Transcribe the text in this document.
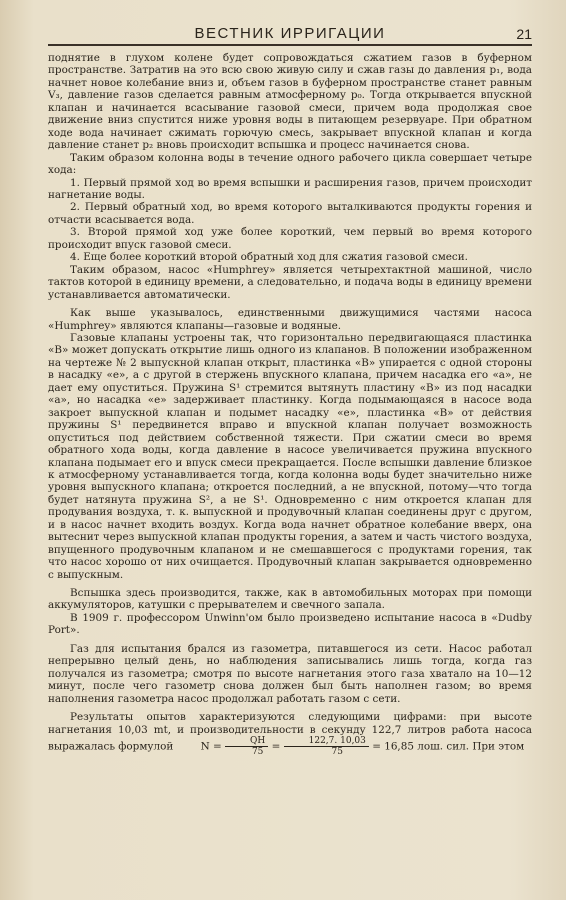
ВЕСТНИК ИРРИГАЦИИ	21

поднятие в глухом колене будет сопровождаться сжатием газов в буферном пространстве. Затратив на это всю свою живую силу и сжав газы до давления p₁, вода начнет новое колебание вниз и, объем газов в буферном пространстве станет равным V₃, давление газов сделается равным атмосферному p₀. Тогда открывается впускной клапан и начинается всасывание газовой смеси, причем вода продолжая свое движение вниз спустится ниже уровня воды в питающем резервуаре. При обратном ходе вода начинает сжимать горючую смесь, закрывает впускной клапан и когда давление станет p₂ вновь происходит вспышка и процесс начинается снова.

Таким образом колонна воды в течение одного рабочего цикла совершает четыре хода:

1. Первый прямой ход во время вспышки и расширения газов, причем происходит нагнетание воды.

2. Первый обратный ход, во время которого выталкиваются продукты горения и отчасти всасывается вода.

3. Второй прямой ход уже более короткий, чем первый во время которого происходит впуск газовой смеси.

4. Еще более короткий второй обратный ход для сжатия газовой смеси.

Таким образом, насос «Humphrey» является четырехтактной машиной, число тактов которой в единицу времени, а следовательно, и подача воды в единицу времени устанавливается автоматически.

Как выше указывалось, единственными движущимися частями насоса «Humphrey» являются клапаны—газовые и водяные.

Газовые клапаны устроены так, что горизонтально передвигающаяся пластинка «B» может допускать открытие лишь одного из клапанов. В положении изображенном на чертеже № 2 выпускной клапан открыт, пластинка «B» упирается с одной стороны в насадку «е», а с другой в стержень впускного клапана, причем насадка его «a», не дает ему опуститься. Пружина S¹ стремится вытянуть пластину «B» из под насадки «a», но насадка «е» задерживает пластинку. Когда подымающаяся в насосе вода закроет выпускной клапан и подымет насадку «е», пластинка «B» от действия пружины S¹ передвинется вправо и впускной клапан получает возможность опуститься под действием собственной тяжести. При сжатии смеси во время обратного хода воды, когда давление в насосе увеличивается пружина впускного клапана подымает его и впуск смеси прекращается. После вспышки давление близкое к атмосферному устанавливается тогда, когда колонна воды будет значительно ниже уровня выпускного клапана; откроется последний, а не впускной, потому—что тогда будет натянута пружина S², а не S¹. Одновременно с ним откроется клапан для продувания воздуха, т. к. выпускной и продувочный клапан соединены друг с другом, и в насос начнет входить воздух. Когда вода начнет обратное колебание вверх, она вытеснит через выпускной клапан продукты горения, а затем и часть чистого воздуха, впущенного продувочным клапаном и не смешавшегося с продуктами горения, так что насос хорошо от них очищается. Продувочный клапан закрывается одновременно с выпускным.

Вспышка здесь производится, также, как в автомобильных моторах при помощи аккумуляторов, катушки с прерывателем и свечного запала.

В 1909 г. профессором Unwinn'ом было произведено испытание насоса в «Dudby Port».

Газ для испытания брался из газометра, питавшегося из сети. Насос работал непрерывно целый день, но наблюдения записывались лишь тогда, когда газ получался из газометра; смотря по высоте нагнетания этого газа хватало на 10—12 минут, после чего газометр снова должен был быть наполнен газом; во время наполнения газометра насос продолжал работать газом с сети.

Результаты опытов характеризуются следующими цифрами: при высоте нагнетания 10,03 mt, и производительности в секунду 122,7 литров работа насоса выражалась формулой	$N = \frac{QH}{75} = \frac{122,7. 10,03}{75} = 16,85$ лош. сил. При этом
